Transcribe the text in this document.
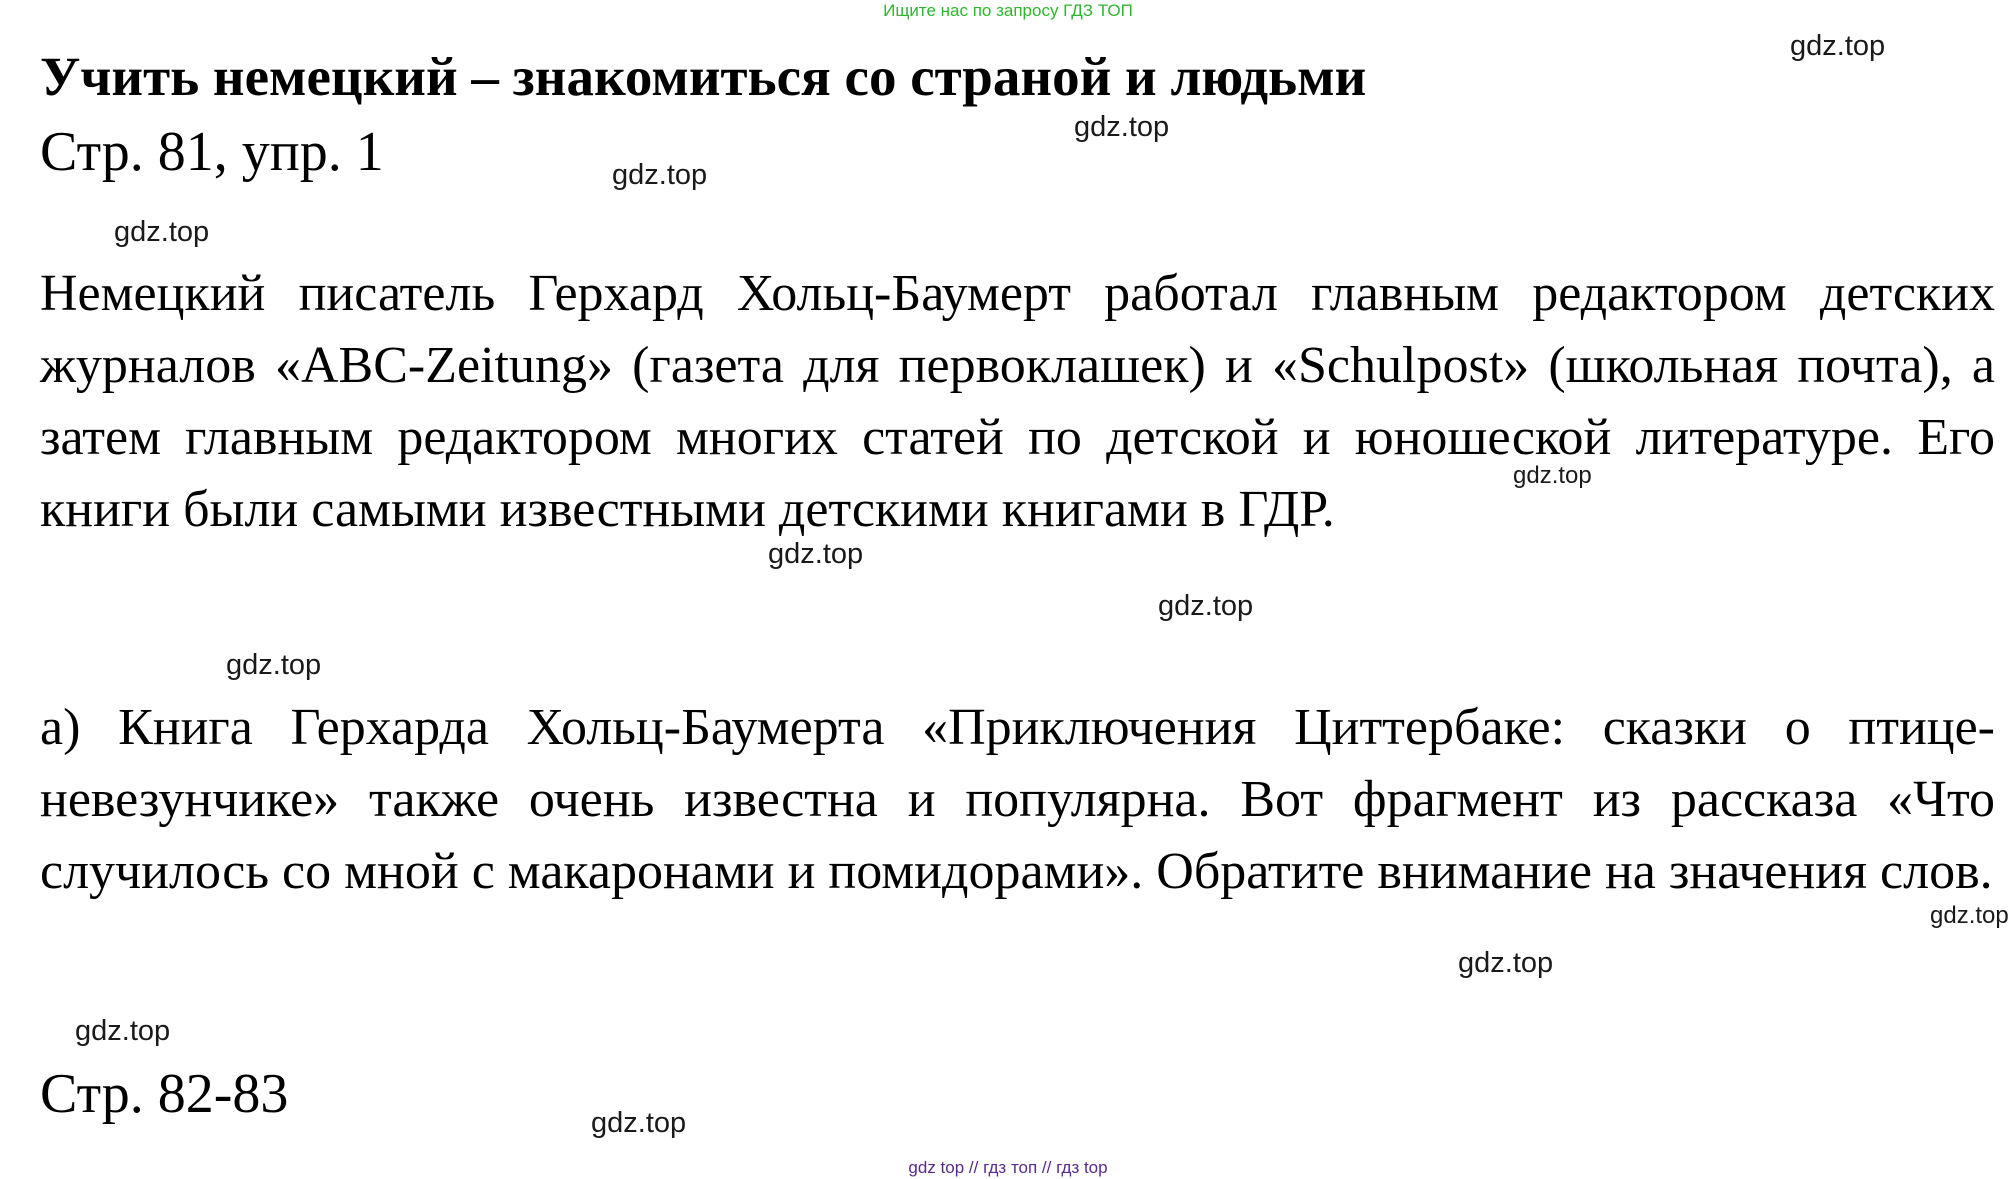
Ищите нас по запросу ГДЗ ТОП
Учить немецкий – знакомиться со страной и людьми
Стр. 81, упр. 1

Немецкий писатель Герхард Хольц-Баумерт работал главным редактором детских журналов «ABC-Zeitung» (газета для первоклашек) и «Schulpost» (школьная почта), а затем главным редактором многих статей по детской и юношеской литературе. Его книги были самыми известными детскими книгами в ГДР.

а) Книга Герхарда Хольц-Баумерта «Приключения Циттербаке: сказки о птице-невезунчике» также очень известна и популярна. Вот фрагмент из рассказа «Что случилось со мной с макаронами и помидорами». Обратите внимание на значения слов.

Стр. 82-83
gdz.top
gdz.top
gdz.top
gdz.top
gdz.top
gdz.top
gdz.top
gdz.top
gdz.top
gdz.top
gdz.top
gdz.top
gdz top // гдз топ // гдз top
